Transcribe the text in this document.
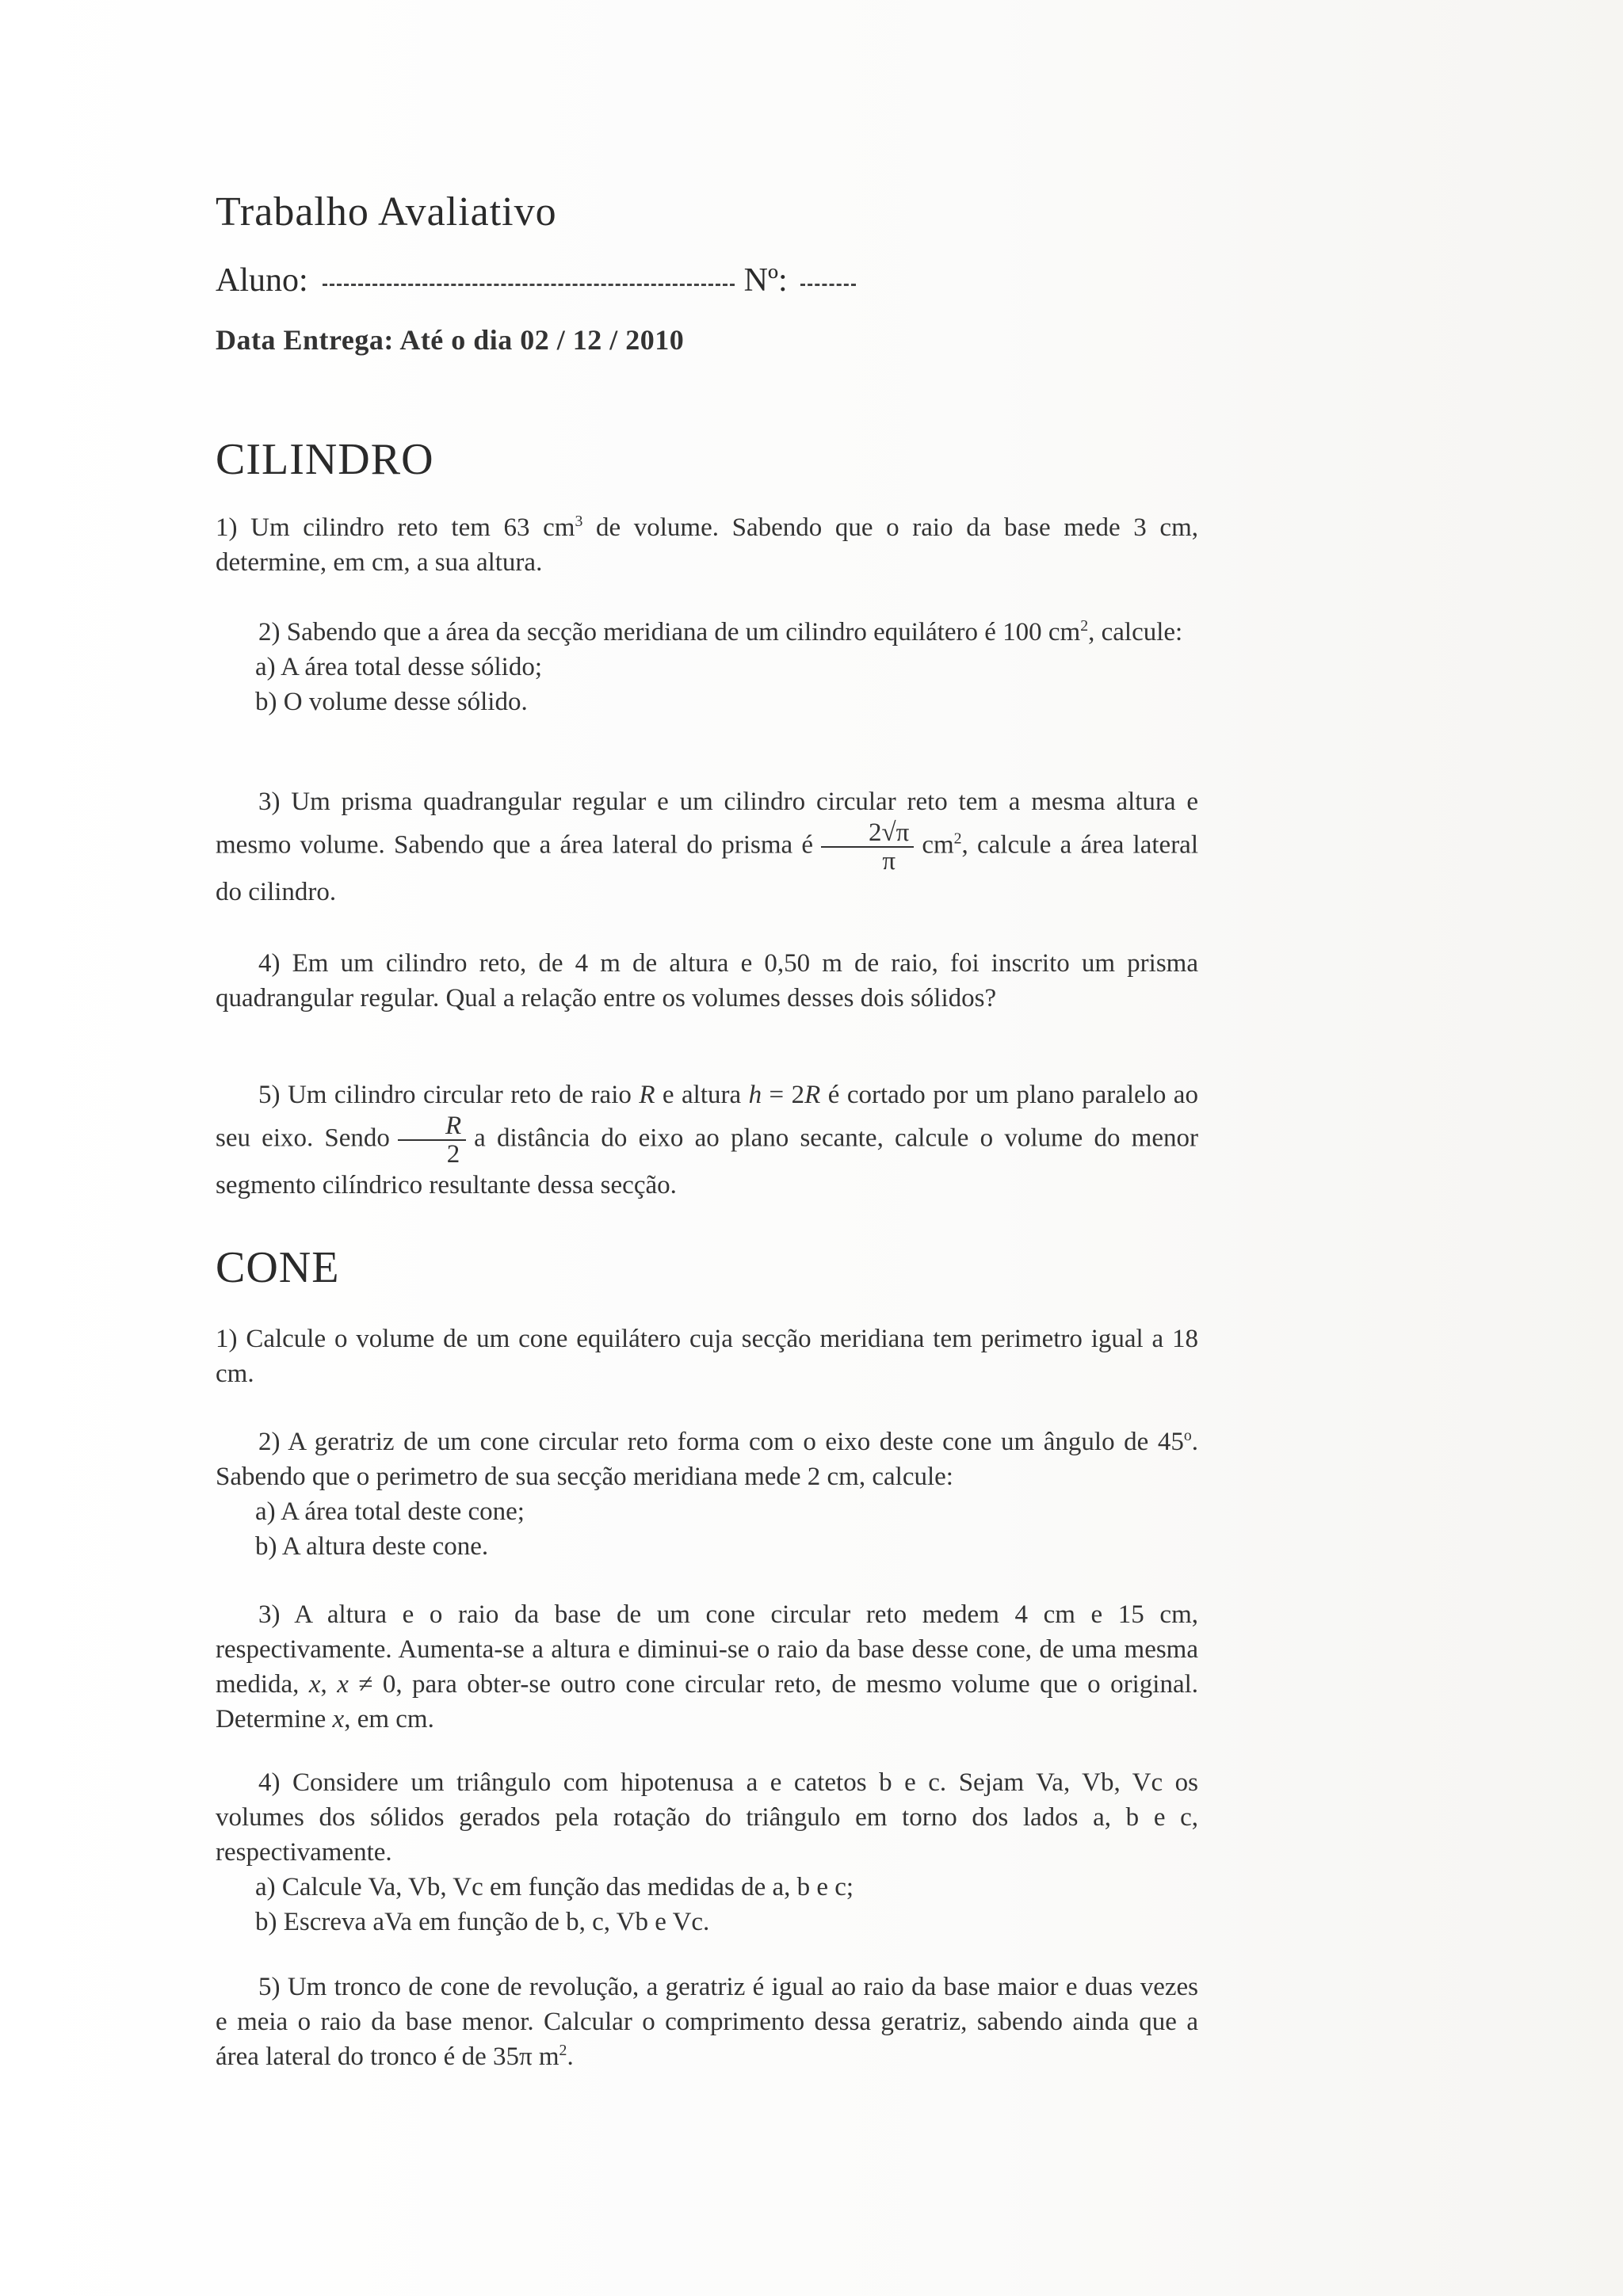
Trabalho Avaliativo
Aluno:	Nº:
Data Entrega: Até o dia 02 / 12 / 2010
CILINDRO

1) Um cilindro reto tem 63 $cm^3$ de volume. Sabendo que o raio da base mede 3 cm, determine, em cm, a sua altura.

2) Sabendo que a área da secção meridiana de um cilindro equilátero é 100 $cm^2$, calcule:

a) A área total desse sólido;

b) O volume desse sólido.

3) Um prisma quadrangular regular e um cilindro circular reto tem a mesma altura e mesmo volume. Sabendo que a área lateral do prisma é $\frac{2√\pi}{\pi} cm^2$, calcule a área lateral do cilindro.

4) Em um cilindro reto, de 4 m de altura e 0,50 m de raio, foi inscrito um prisma quadrangular regular. Qual a relação entre os volumes desses dois sólidos?

5) Um cilindro circular reto de raio R e altura h = 2R é cortado por um plano paralelo ao seu eixo. Sendo $\frac{R}{2}$ a distância do eixo ao plano secante, calcule o volume do menor segmento cilíndrico resultante dessa secção.

CONE

1) Calcule o volume de um cone equilátero cuja secção meridiana tem perimetro igual a 18 cm.

2) A geratriz de um cone circular reto forma com o eixo deste cone um ângulo de 45$^o$. Sabendo que o perimetro de sua secção meridiana mede 2 cm, calcule:

a) A área total deste cone;

b) A altura deste cone.

3) A altura e o raio da base de um cone circular reto medem 4 cm e 15 cm, respectivamente. Aumenta-se a altura e diminui-se o raio da base desse cone, de uma mesma medida, x, x ≠ 0, para obter-se outro cone circular reto, de mesmo volume que o original. Determine x, em cm.

4) Considere um triângulo com hipotenusa a e catetos b e c. Sejam Va, Vb, Vc os volumes dos sólidos gerados pela rotação do triângulo em torno dos lados a, b e c, respectivamente.

a) Calcule Va, Vb, Vc em função das medidas de a, b e c;

b) Escreva aVa em função de b, c, Vb e Vc.

5) Um tronco de cone de revolução, a geratriz é igual ao raio da base maior e duas vezes e meia o raio da base menor. Calcular o comprimento dessa geratriz, sabendo ainda que a área lateral do tronco é de 35π $m^2$.
